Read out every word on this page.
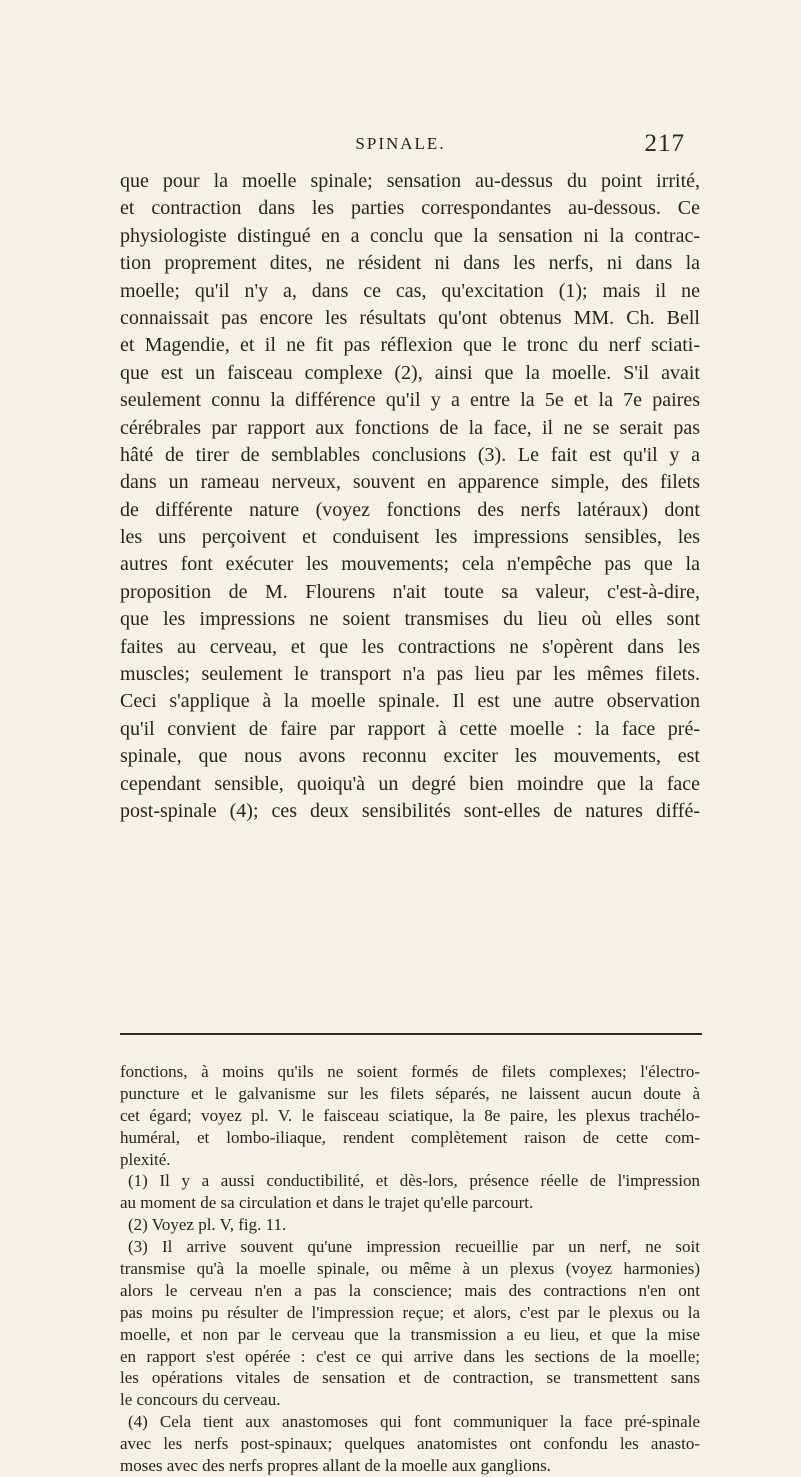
SPINALE.	217
que pour la moelle spinale; sensation au-dessus du point irrité,
et contraction dans les parties correspondantes au-dessous. Ce
physiologiste distingué en a conclu que la sensation ni la contrac-
tion proprement dites, ne résident ni dans les nerfs, ni dans la
moelle; qu'il n'y a, dans ce cas, qu'excitation (1); mais il ne
connaissait pas encore les résultats qu'ont obtenus MM. Ch. Bell
et Magendie, et il ne fit pas réflexion que le tronc du nerf sciati-
que est un faisceau complexe (2), ainsi que la moelle. S'il avait
seulement connu la différence qu'il y a entre la 5e et la 7e paires
cérébrales par rapport aux fonctions de la face, il ne se serait pas
hâté de tirer de semblables conclusions (3). Le fait est qu'il y a
dans un rameau nerveux, souvent en apparence simple, des filets
de différente nature (voyez fonctions des nerfs latéraux) dont
les uns perçoivent et conduisent les impressions sensibles, les
autres font exécuter les mouvements; cela n'empêche pas que la
proposition de M. Flourens n'ait toute sa valeur, c'est-à-dire,
que les impressions ne soient transmises du lieu où elles sont
faites au cerveau, et que les contractions ne s'opèrent dans les
muscles; seulement le transport n'a pas lieu par les mêmes filets.
Ceci s'applique à la moelle spinale. Il est une autre observation
qu'il convient de faire par rapport à cette moelle : la face pré-
spinale, que nous avons reconnu exciter les mouvements, est
cependant sensible, quoiqu'à un degré bien moindre que la face
post-spinale (4); ces deux sensibilités sont-elles de natures diffé-
fonctions, à moins qu'ils ne soient formés de filets complexes; l'électro-
puncture et le galvanisme sur les filets séparés, ne laissent aucun doute à
cet égard; voyez pl. V. le faisceau sciatique, la 8e paire, les plexus trachélo-
huméral, et lombo-iliaque, rendent complètement raison de cette com-
plexité.
(1) Il y a aussi conductibilité, et dès-lors, présence réelle de l'impression
au moment de sa circulation et dans le trajet qu'elle parcourt.
(2) Voyez pl. V, fig. 11.
(3) Il arrive souvent qu'une impression recueillie par un nerf, ne soit
transmise qu'à la moelle spinale, ou même à un plexus (voyez harmonies)
alors le cerveau n'en a pas la conscience; mais des contractions n'en ont
pas moins pu résulter de l'impression reçue; et alors, c'est par le plexus ou la
moelle, et non par le cerveau que la transmission a eu lieu, et que la mise
en rapport s'est opérée : c'est ce qui arrive dans les sections de la moelle;
les opérations vitales de sensation et de contraction, se transmettent sans
le concours du cerveau.
(4) Cela tient aux anastomoses qui font communiquer la face pré-spinale
avec les nerfs post-spinaux; quelques anatomistes ont confondu les anasto-
moses avec des nerfs propres allant de la moelle aux ganglions.
